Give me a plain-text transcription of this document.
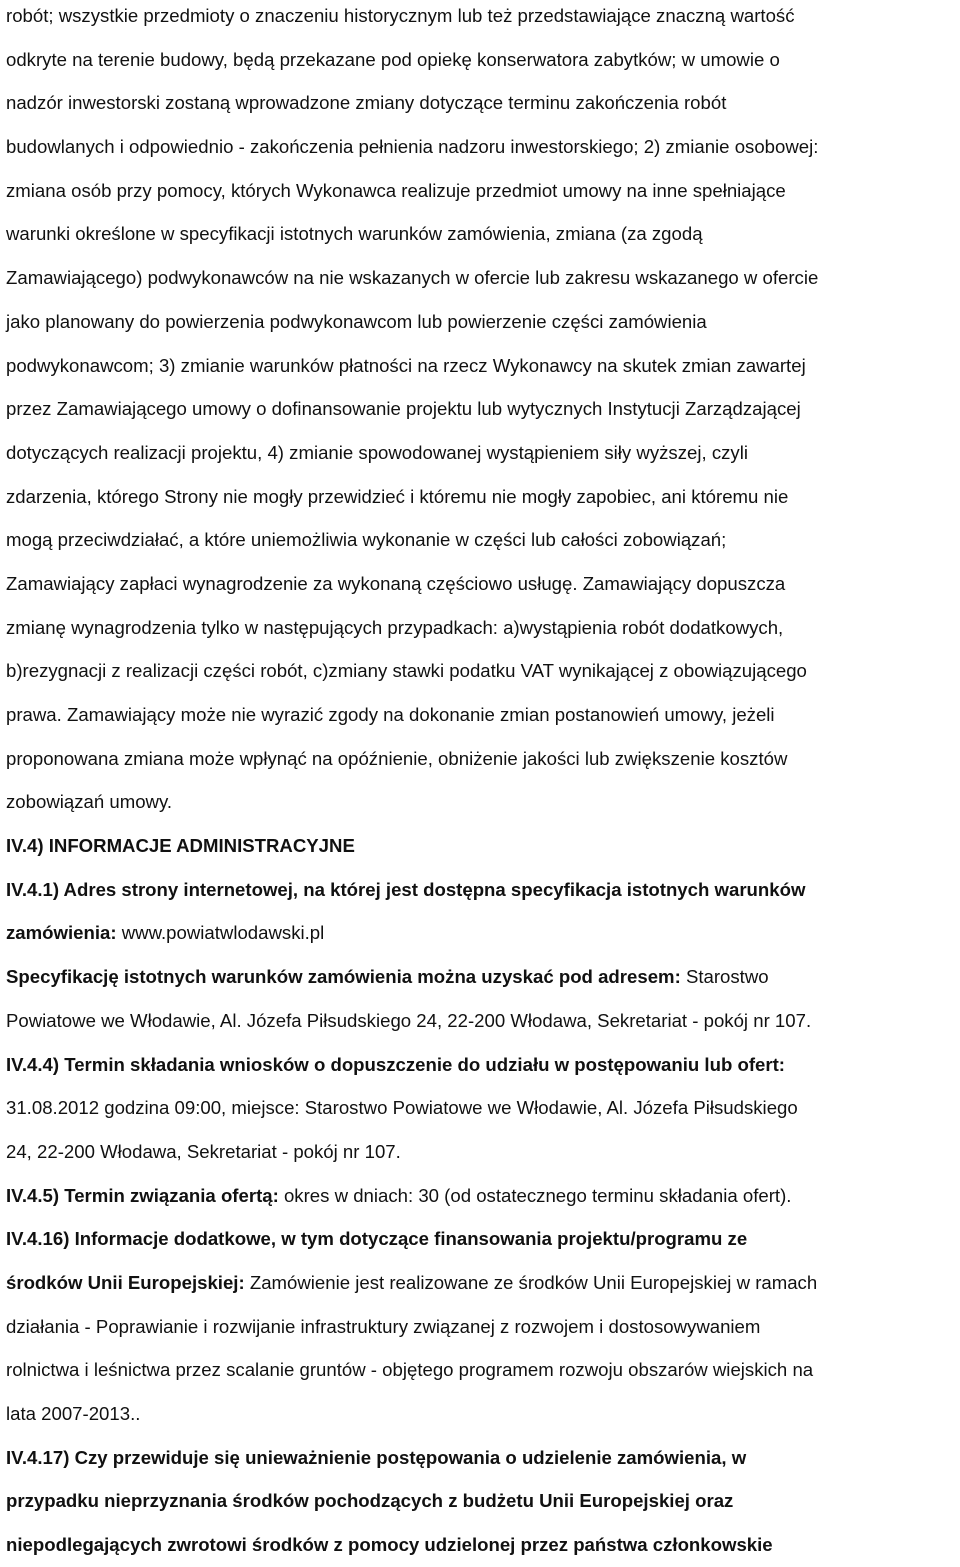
robót; wszystkie przedmioty o znaczeniu historycznym lub też przedstawiające znaczną wartość
odkryte na terenie budowy, będą przekazane pod opiekę konserwatora zabytków; w umowie o
nadzór inwestorski zostaną wprowadzone zmiany dotyczące terminu zakończenia robót
budowlanych i odpowiednio - zakończenia pełnienia nadzoru inwestorskiego; 2) zmianie osobowej:
zmiana osób przy pomocy, których Wykonawca realizuje przedmiot umowy na inne spełniające
warunki określone w specyfikacji istotnych warunków zamówienia, zmiana (za zgodą
Zamawiającego) podwykonawców na nie wskazanych w ofercie lub zakresu wskazanego w ofercie
jako planowany do powierzenia podwykonawcom lub powierzenie części zamówienia
podwykonawcom; 3) zmianie warunków płatności na rzecz Wykonawcy na skutek zmian zawartej
przez Zamawiającego umowy o dofinansowanie projektu lub wytycznych Instytucji Zarządzającej
dotyczących realizacji projektu, 4) zmianie spowodowanej wystąpieniem siły wyższej, czyli
zdarzenia, którego Strony nie mogły przewidzieć i któremu nie mogły zapobiec, ani któremu nie
mogą przeciwdziałać, a które uniemożliwia wykonanie w części lub całości zobowiązań;
Zamawiający zapłaci wynagrodzenie za wykonaną częściowo usługę. Zamawiający dopuszcza
zmianę wynagrodzenia tylko w następujących przypadkach: a)wystąpienia robót dodatkowych,
b)rezygnacji z realizacji części robót, c)zmiany stawki podatku VAT wynikającej z obowiązującego
prawa. Zamawiający może nie wyrazić zgody na dokonanie zmian postanowień umowy, jeżeli
proponowana zmiana może wpłynąć na opóźnienie, obniżenie jakości lub zwiększenie kosztów
zobowiązań umowy.
IV.4) INFORMACJE ADMINISTRACYJNE
IV.4.1) Adres strony internetowej, na której jest dostępna specyfikacja istotnych warunków
zamówienia: www.powiatwlodawski.pl
Specyfikację istotnych warunków zamówienia można uzyskać pod adresem: Starostwo
Powiatowe we Włodawie, Al. Józefa Piłsudskiego 24, 22-200 Włodawa, Sekretariat - pokój nr 107.
IV.4.4) Termin składania wniosków o dopuszczenie do udziału w postępowaniu lub ofert:
31.08.2012 godzina 09:00, miejsce: Starostwo Powiatowe we Włodawie, Al. Józefa Piłsudskiego
24, 22-200 Włodawa, Sekretariat - pokój nr 107.
IV.4.5) Termin związania ofertą: okres w dniach: 30 (od ostatecznego terminu składania ofert).
IV.4.16) Informacje dodatkowe, w tym dotyczące finansowania projektu/programu ze
środków Unii Europejskiej: Zamówienie jest realizowane ze środków Unii Europejskiej w ramach
działania - Poprawianie i rozwijanie infrastruktury związanej z rozwojem i dostosowywaniem
rolnictwa i leśnictwa przez scalanie gruntów - objętego programem rozwoju obszarów wiejskich na
lata 2007-2013..
IV.4.17) Czy przewiduje się unieważnienie postępowania o udzielenie zamówienia, w
przypadku nieprzyznania środków pochodzących z budżetu Unii Europejskiej oraz
niepodlegających zwrotowi środków z pomocy udzielonej przez państwa członkowskie
